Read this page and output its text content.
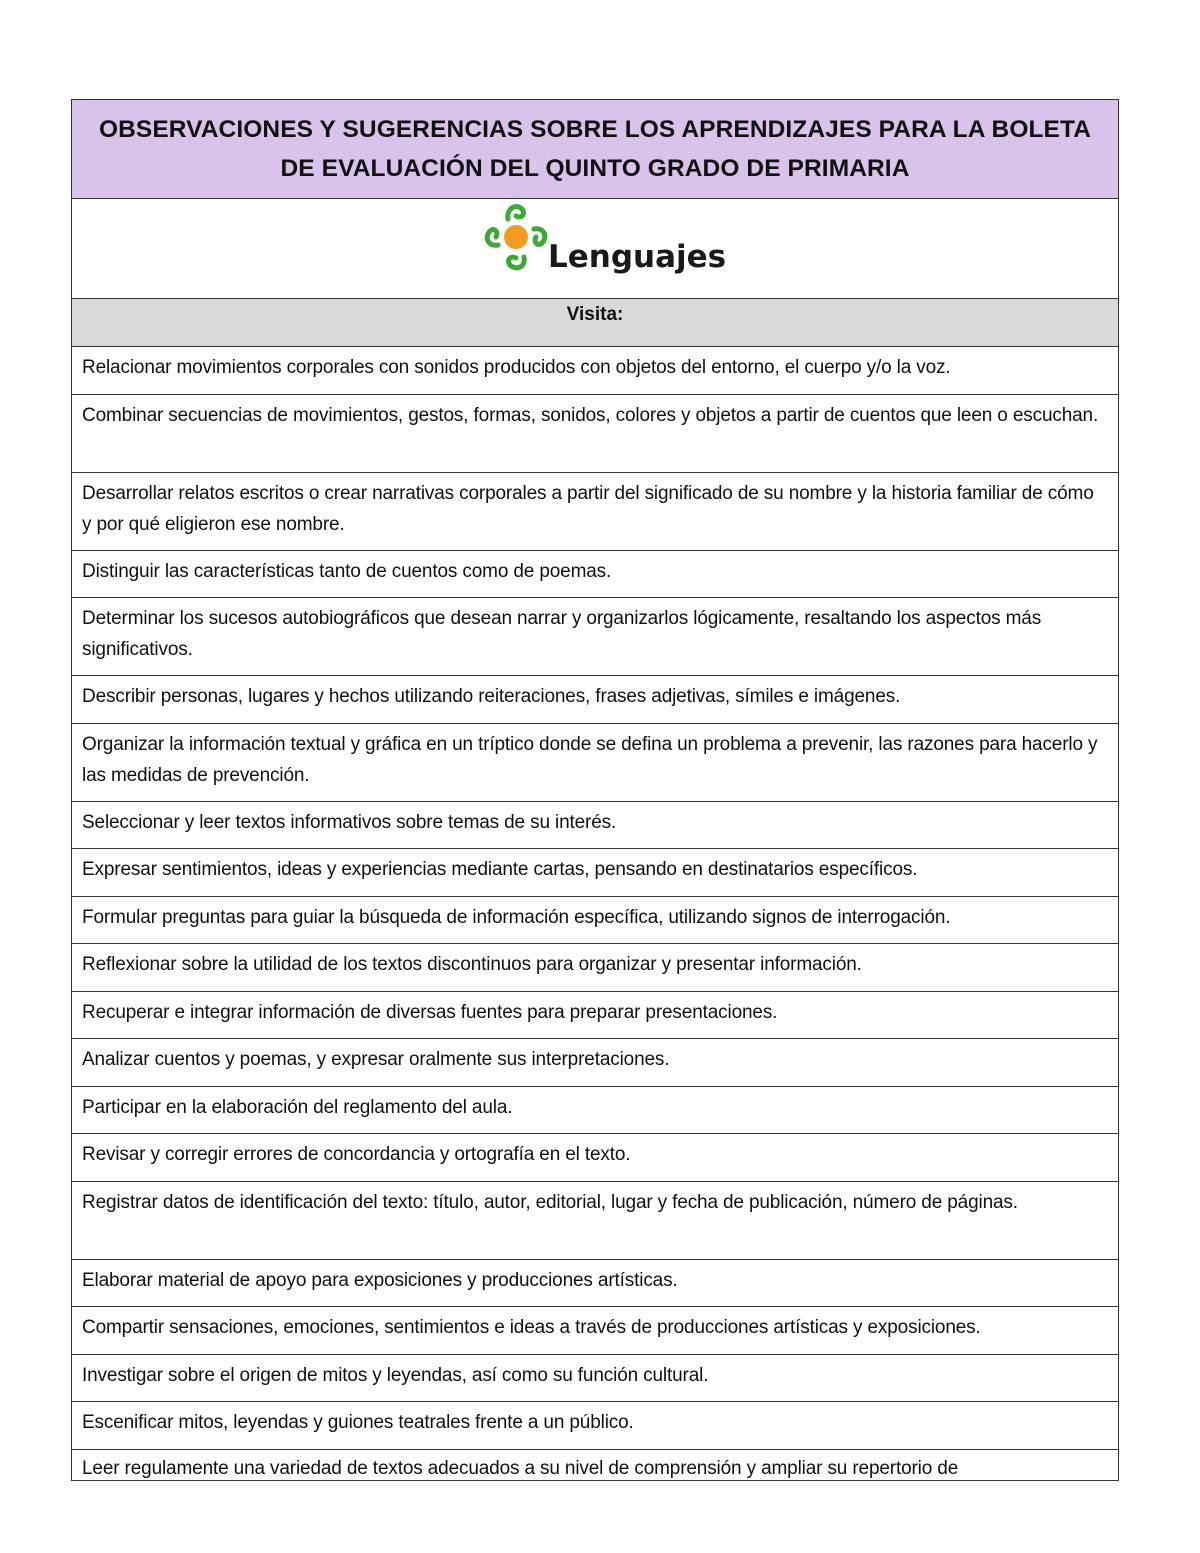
OBSERVACIONES Y SUGERENCIAS SOBRE LOS APRENDIZAJES PARA LA BOLETA DE EVALUACIÓN DEL QUINTO GRADO DE PRIMARIA
Lenguajes
Visita:
Relacionar movimientos corporales con sonidos producidos con objetos del entorno, el cuerpo y/o la voz.
Combinar secuencias de movimientos, gestos, formas, sonidos, colores y objetos a partir de cuentos que leen o escuchan.
Desarrollar relatos escritos o crear narrativas corporales a partir del significado de su nombre y la historia familiar de cómo y por qué eligieron ese nombre.
Distinguir las características tanto de cuentos como de poemas.
Determinar los sucesos autobiográficos que desean narrar y organizarlos lógicamente, resaltando los aspectos más significativos.
Describir personas, lugares y hechos utilizando reiteraciones, frases adjetivas, símiles e imágenes.
Organizar la información textual y gráfica en un tríptico donde se defina un problema a prevenir, las razones para hacerlo y las medidas de prevención.
Seleccionar y leer textos informativos sobre temas de su interés.
Expresar sentimientos, ideas y experiencias mediante cartas, pensando en destinatarios específicos.
Formular preguntas para guiar la búsqueda de información específica, utilizando signos de interrogación.
Reflexionar sobre la utilidad de los textos discontinuos para organizar y presentar información.
Recuperar e integrar información de diversas fuentes para preparar presentaciones.
Analizar cuentos y poemas, y expresar oralmente sus interpretaciones.
Participar en la elaboración del reglamento del aula.
Revisar y corregir errores de concordancia y ortografía en el texto.
Registrar datos de identificación del texto: título, autor, editorial, lugar y fecha de publicación, número de páginas.
Elaborar material de apoyo para exposiciones y producciones artísticas.
Compartir sensaciones, emociones, sentimientos e ideas a través de producciones artísticas y exposiciones.
Investigar sobre el origen de mitos y leyendas, así como su función cultural.
Escenificar mitos, leyendas y guiones teatrales frente a un público.
Leer regulamente una variedad de textos adecuados a su nivel de comprensión y ampliar su repertorio de
